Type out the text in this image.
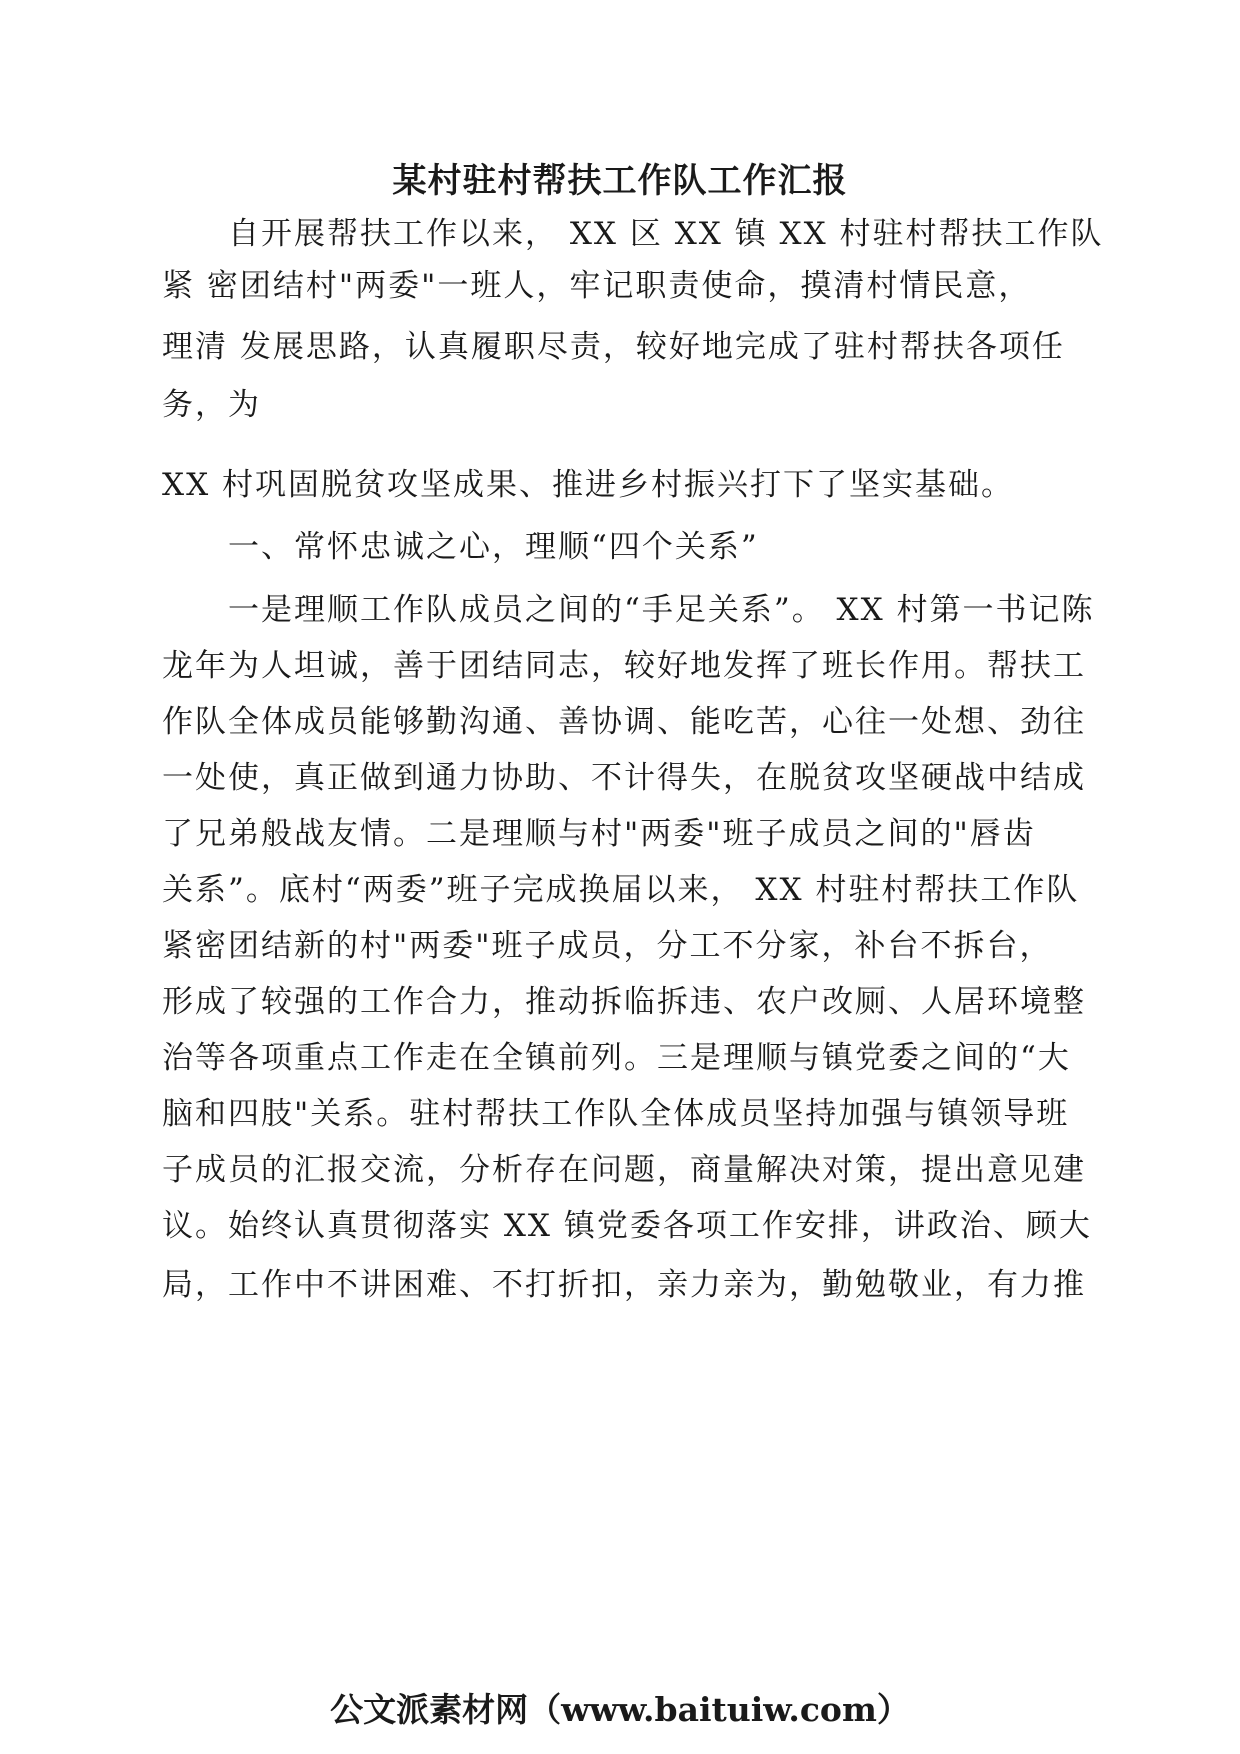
某村驻村帮扶工作队工作汇报
　　自开展帮扶工作以来， XX 区 XX 镇 XX 村驻村帮扶工作队
紧 密团结村"两委"一班人，牢记职责使命，摸清村情民意，
理清 发展思路，认真履职尽责，较好地完成了驻村帮扶各项任
务，为
XX 村巩固脱贫攻坚成果、推进乡村振兴打下了坚实基础。
　　一、常怀忠诚之心，理顺“四个关系”
　　一是理顺工作队成员之间的“手足关系”。 XX 村第一书记陈
龙年为人坦诚，善于团结同志，较好地发挥了班长作用。帮扶工
作队全体成员能够勤沟通、善协调、能吃苦，心往一处想、劲往
一处使，真正做到通力协助、不计得失，在脱贫攻坚硬战中结成
了兄弟般战友情。二是理顺与村"两委"班子成员之间的"唇齿
关系”。底村“两委”班子完成换届以来， XX 村驻村帮扶工作队
紧密团结新的村"两委"班子成员，分工不分家，补台不拆台，
形成了较强的工作合力，推动拆临拆违、农户改厕、人居环境整
治等各项重点工作走在全镇前列。三是理顺与镇党委之间的“大
脑和四肢"关系。驻村帮扶工作队全体成员坚持加强与镇领导班
子成员的汇报交流，分析存在问题，商量解决对策，提出意见建
议。始终认真贯彻落实 XX 镇党委各项工作安排，讲政治、顾大
局，工作中不讲困难、不打折扣，亲力亲为，勤勉敬业，有力推
公文派素材网（www.baituiw.com）
